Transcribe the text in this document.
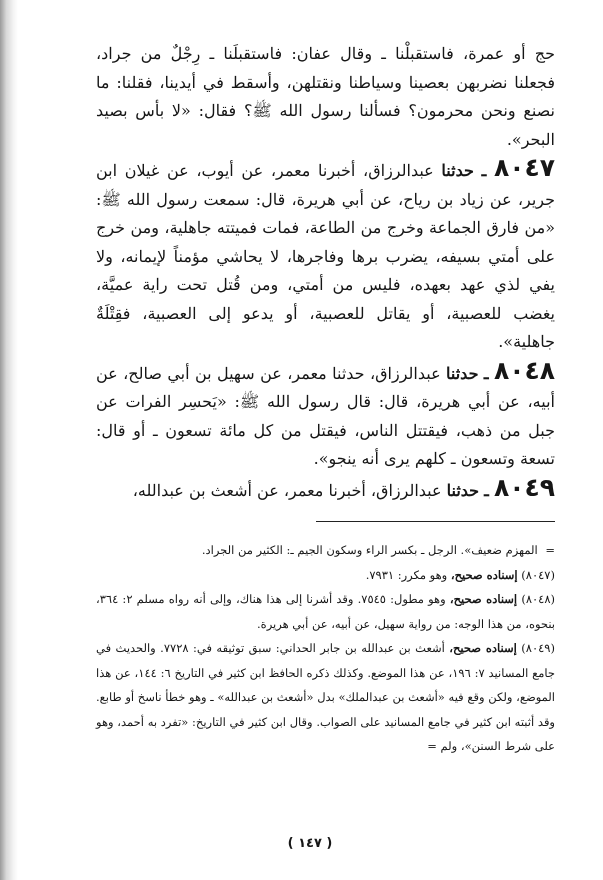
حج أو عمرة، فاستقبلْنا ـ وقال عفان: فاستقبلَنا ـ رِجْلٌ من جراد، فجعلنا نضربهن بعصينا وسياطنا ونقتلهن، وأسقط في أيدينا، فقلنا: ما نصنع ونحن محرمون؟ فسألنا رسول الله ﷺ؟ فقال: «لا بأس بصيد البحر».

٨٠٤٧ ـ حدثنا عبدالرزاق، أخبرنا معمر، عن أيوب، عن غيلان ابن جرير، عن زياد بن رياح، عن أبي هريرة، قال: سمعت رسول الله ﷺ: «من فارق الجماعة وخرج من الطاعة، فمات فميتته جاهلية، ومن خرج على أمتي بسيفه، يضرب برها وفاجرها، لا يحاشي مؤمناً لإيمانه، ولا يفي لذي عهد بعهده، فليس من أمتي، ومن قُتل تحت راية عميَّة، يغضب للعصبية، أو يقاتل للعصبية، أو يدعو إلى العصبية، فقِتْلَةٌ جاهلية».

٨٠٤٨ ـ حدثنا عبدالرزاق، حدثنا معمر، عن سهيل بن أبي صالح، عن أبيه، عن أبي هريرة، قال: قال رسول الله ﷺ: «يَحسِر الفرات عن جبل من ذهب، فيقتتل الناس، فيقتل من كل مائة تسعون ـ أو قال: تسعة وتسعون ـ كلهم يرى أنه ينجو».

٨٠٤٩ ـ حدثنا عبدالرزاق، أخبرنا معمر، عن أشعث بن عبدالله،

= المهزم ضعيف». الرجل ـ بكسر الراء وسكون الجيم ـ: الكثير من الجراد.

(٨٠٤٧) إسناده صحيح، وهو مكرر: ٧٩٣١.

(٨٠٤٨) إسناده صحيح، وهو مطول: ٧٥٤٥. وقد أشرنا إلى هذا هناك، وإلى أنه رواه مسلم ٢: ٣٦٤، بنحوه، من هذا الوجه: من رواية سهيل، عن أبيه، عن أبي هريرة.

(٨٠٤٩) إسناده صحيح، أشعث بن عبدالله بن جابر الحداني: سبق توثيقه في: ٧٧٢٨. والحديث في جامع المسانيد ٧: ١٩٦، عن هذا الموضع. وكذلك ذكره الحافظ ابن كثير في التاريخ ٦: ١٤٤، عن هذا الموضع، ولكن وقع فيه «أشعث بن عبدالملك» بدل «أشعث بن عبدالله» ـ وهو خطأ ناسخ أو طابع. وقد أثبته ابن كثير في جامع المسانيد على الصواب. وقال ابن كثير في التاريخ: «تفرد به أحمد، وهو على شرط السنن»، ولم =

( ١٤٧ )
